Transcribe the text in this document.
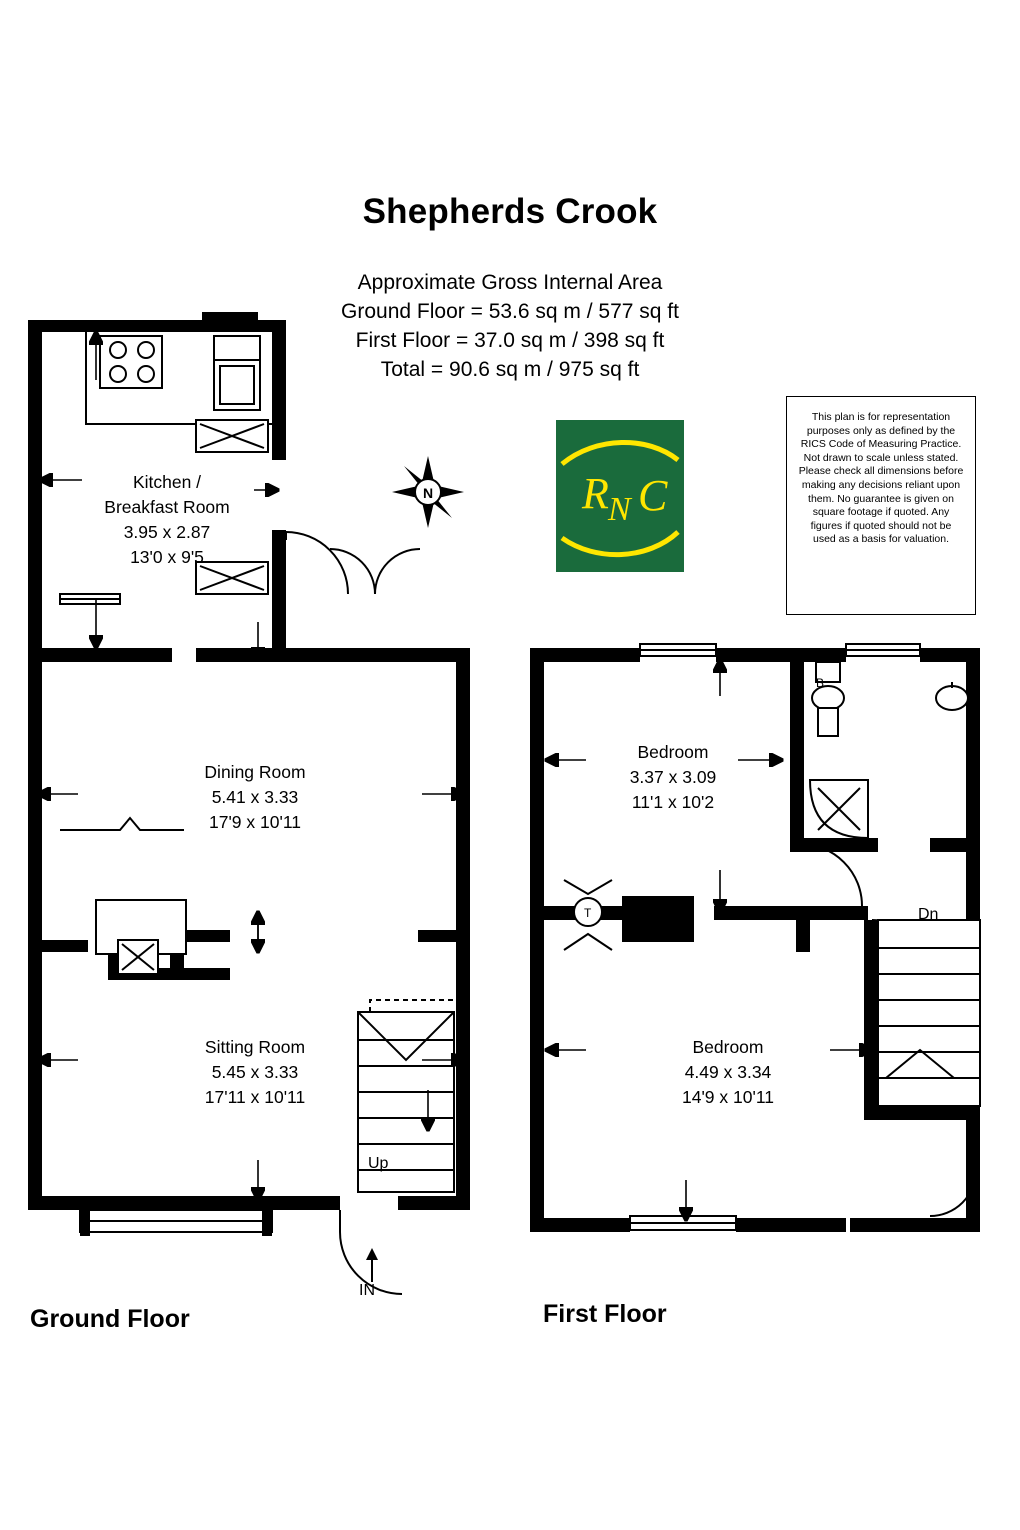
Shepherds Crook
Approximate Gross Internal Area
Ground Floor = 53.6 sq m / 577 sq ft
First Floor = 37.0 sq m / 398 sq ft
Total = 90.6 sq m / 975 sq ft
This plan is for representation purposes only as defined by the RICS Code of Measuring Practice. Not drawn to scale unless stated. Please check all dimensions before making any decisions reliant upon them. No guarantee is given on square footage if quoted. Any figures if quoted should not be used as a basis for valuation.
R N C
N
Kitchen /
Breakfast Room
3.95 x 2.87
13'0 x 9'5
Dining Room
5.41 x 3.33
17'9 x 10'11
Sitting Room
5.45 x 3.33
17'11 x 10'11
Up
IN
Ground Floor
B
T	Dn
Bedroom
3.37 x 3.09
11'1 x 10'2
Bedroom
4.49 x 3.34
14'9 x 10'11
First Floor
